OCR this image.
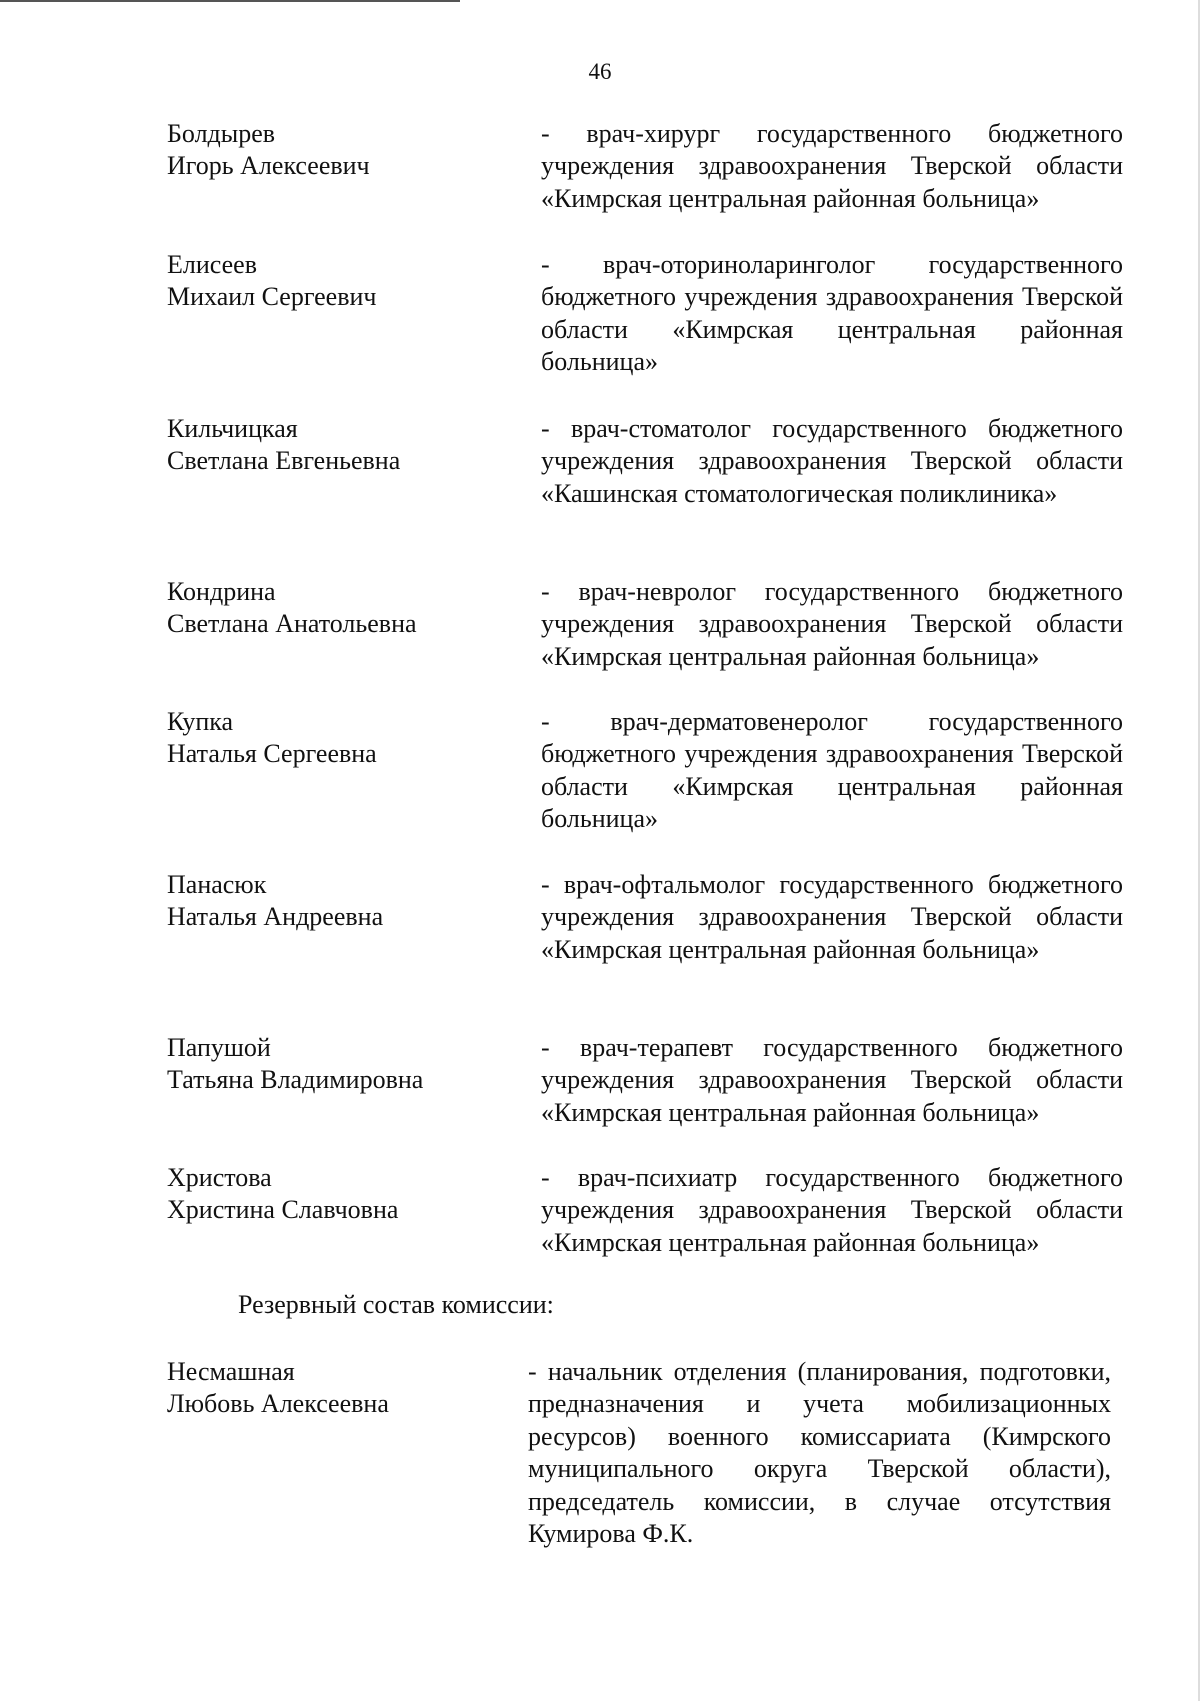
46
Болдырев
Игорь Алексеевич
- врач-хирург государственного бюджетного учреждения здравоохранения Тверской области «Кимрская центральная районная больница»
Елисеев
Михаил Сергеевич
- врач-оториноларинголог государственного бюджетного учреждения здравоохранения Тверской области «Кимрская центральная районная больница»
Кильчицкая
Светлана Евгеньевна
- врач-стоматолог государственного бюджетного учреждения здравоохранения Тверской области «Кашинская стоматологическая поликлиника»
Кондрина
Светлана Анатольевна
- врач-невролог государственного бюджетного учреждения здравоохранения Тверской области «Кимрская центральная районная больница»
Купка
Наталья Сергеевна
- врач-дерматовенеролог государственного бюджетного учреждения здравоохранения Тверской области «Кимрская центральная районная больница»
Панасюк
Наталья Андреевна
- врач-офтальмолог государственного бюджетного учреждения здравоохранения Тверской области «Кимрская центральная районная больница»
Папушой
Татьяна Владимировна
- врач-терапевт государственного бюджетного учреждения здравоохранения Тверской области «Кимрская центральная районная больница»
Христова
Христина Славчовна
- врач-психиатр государственного бюджетного учреждения здравоохранения Тверской области «Кимрская центральная районная больница»
Резервный состав комиссии:
Несмашная
Любовь Алексеевна
- начальник отделения (планирования, подготовки, предназначения и учета мобилизационных ресурсов) военного комиссариата (Кимрского муниципального округа Тверской области), председатель комиссии, в случае отсутствия Кумирова Ф.К.
